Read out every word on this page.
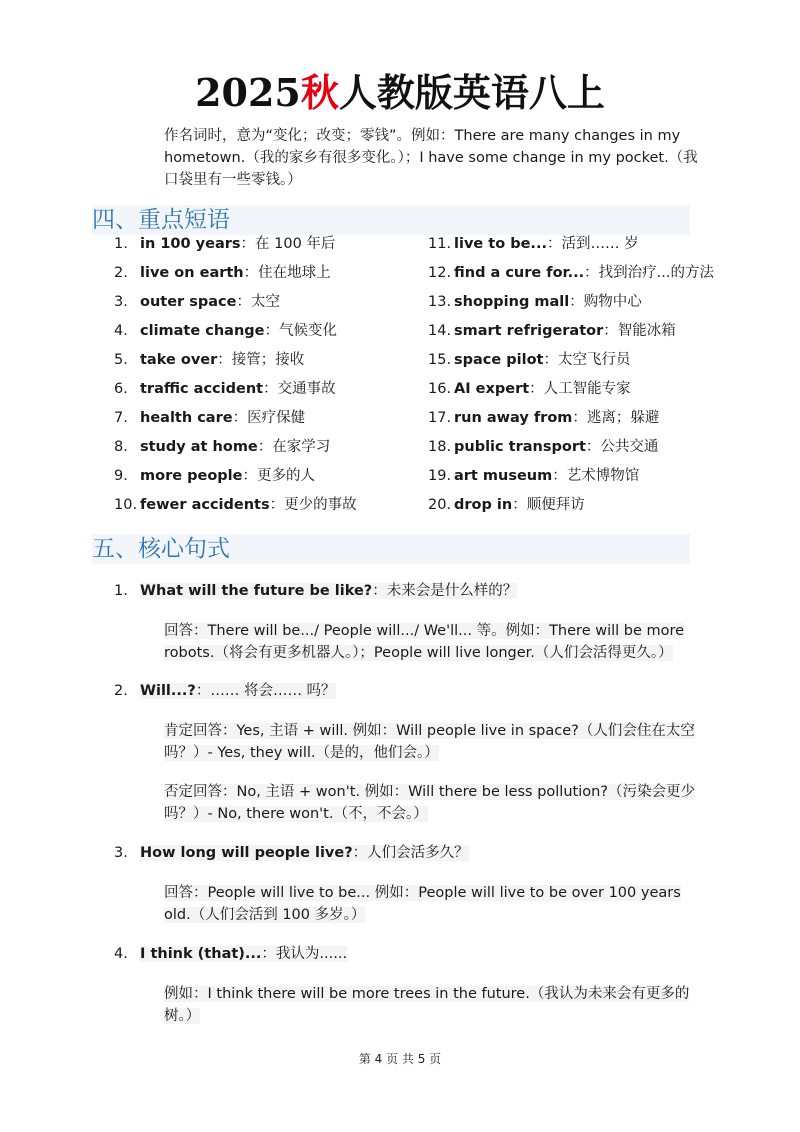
2025秋人教版英语八上
作名词时，意为“变化；改变；零钱”。例如：There are many changes in my hometown.（我的家乡有很多变化。）；I have some change in my pocket.（我口袋里有一些零钱。）
四、重点短语
1. in 100 years：在 100 年后
2. live on earth：住在地球上
3. outer space：太空
4. climate change：气候变化
5. take over：接管；接收
6. traffic accident：交通事故
7. health care：医疗保健
8. study at home：在家学习
9. more people：更多的人
10. fewer accidents：更少的事故
11. live to be...：活到…… 岁
12. find a cure for...：找到治疗...的方法
13. shopping mall：购物中心
14. smart refrigerator：智能冰箱
15. space pilot：太空飞行员
16. AI expert：人工智能专家
17. run away from：逃离；躲避
18. public transport：公共交通
19. art museum：艺术博物馆
20. drop in：顺便拜访
五、核心句式
1. What will the future be like?：未来会是什么样的？
回答：There will be.../ People will.../ We'll... 等。例如：There will be more robots.（将会有更多机器人。）；People will live longer.（人们会活得更久。）
2. Will...?：…… 将会…… 吗？
肯定回答：Yes, 主语 + will. 例如：Will people live in space?（人们会住在太空吗？）- Yes, they will.（是的，他们会。）
否定回答：No, 主语 + won't. 例如：Will there be less pollution?（污染会更少吗？）- No, there won't.（不，不会。）
3. How long will people live?：人们会活多久？
回答：People will live to be... 例如：People will live to be over 100 years old.（人们会活到 100 多岁。）
4. I think (that)...：我认为......
例如：I think there will be more trees in the future.（我认为未来会有更多的树。）
第 4 页 共 5 页
